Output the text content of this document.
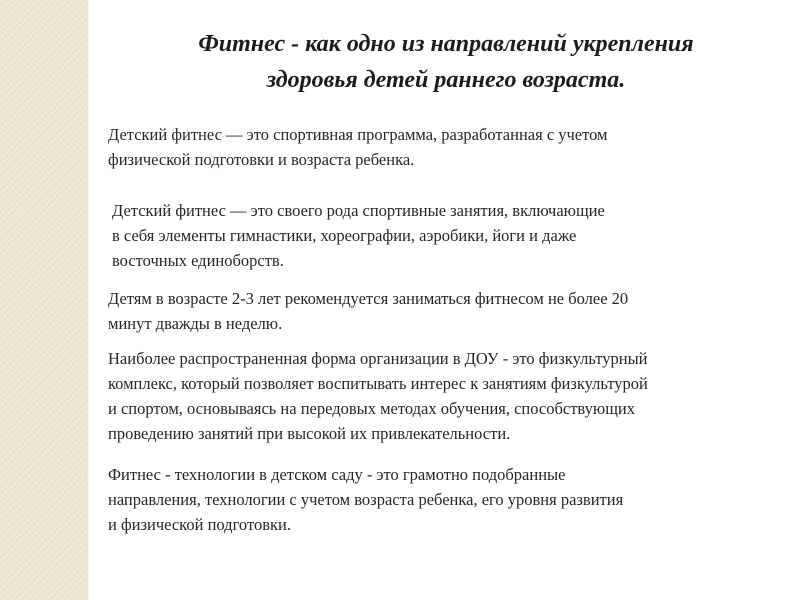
Фитнес - как одно из направлений укрепления
здоровья детей раннего возраста.

Детский фитнес — это спортивная программа, разработанная с учетом
физической подготовки и возраста ребенка.

Детский фитнес — это своего рода спортивные занятия, включающие
в себя элементы гимнастики, хореографии, аэробики, йоги и даже
восточных единоборств.

Детям в возрасте 2-3 лет рекомендуется заниматься фитнесом не более 20
минут дважды в неделю.

Наиболее распространенная форма организации в ДОУ - это физкультурный
комплекс, который позволяет воспитывать интерес к занятиям физкультурой
и спортом, основываясь на передовых методах обучения, способствующих
проведению занятий при высокой их привлекательности.

Фитнес - технологии в детском саду - это грамотно подобранные
направления, технологии с учетом возраста ребенка, его уровня развития
и физической подготовки.
